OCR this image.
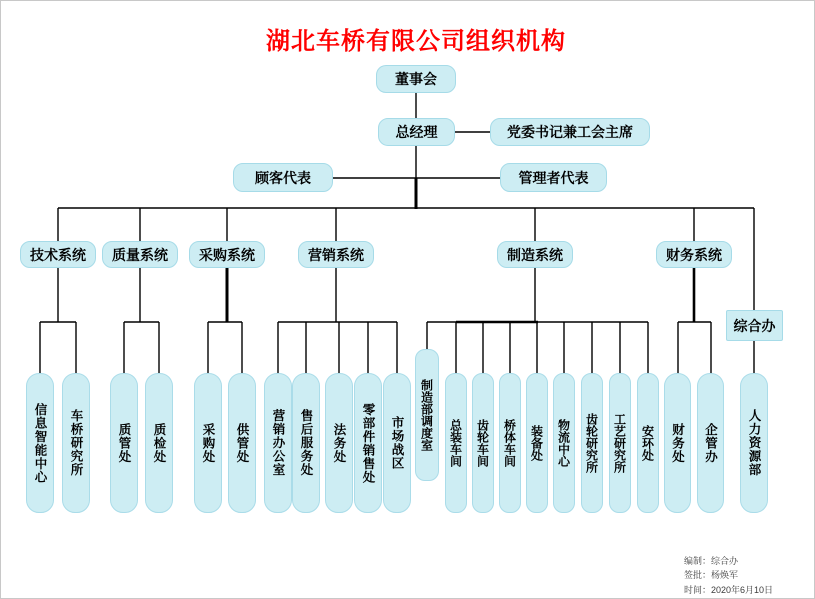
湖北车桥有限公司组织机构
董事会
总经理	党委书记兼工会主席
顾客代表	管理者代表
技术系统	质量系统	采购系统	营销系统	制造系统	财务系统
综合办
信息智能中心	车桥研究所	质管处	质检处	采购处	供管处	营销办公室	售后服务处	法务处	零部件销售处	市场战区	制造部调度室	总装车间	齿轮车间	桥体车间	装备处	物流中心	齿轮研究所	工艺研究所	安环处	财务处	企管办	人力资源部
编制：综合办
签批：杨焕军
时间：2020年6月10日
